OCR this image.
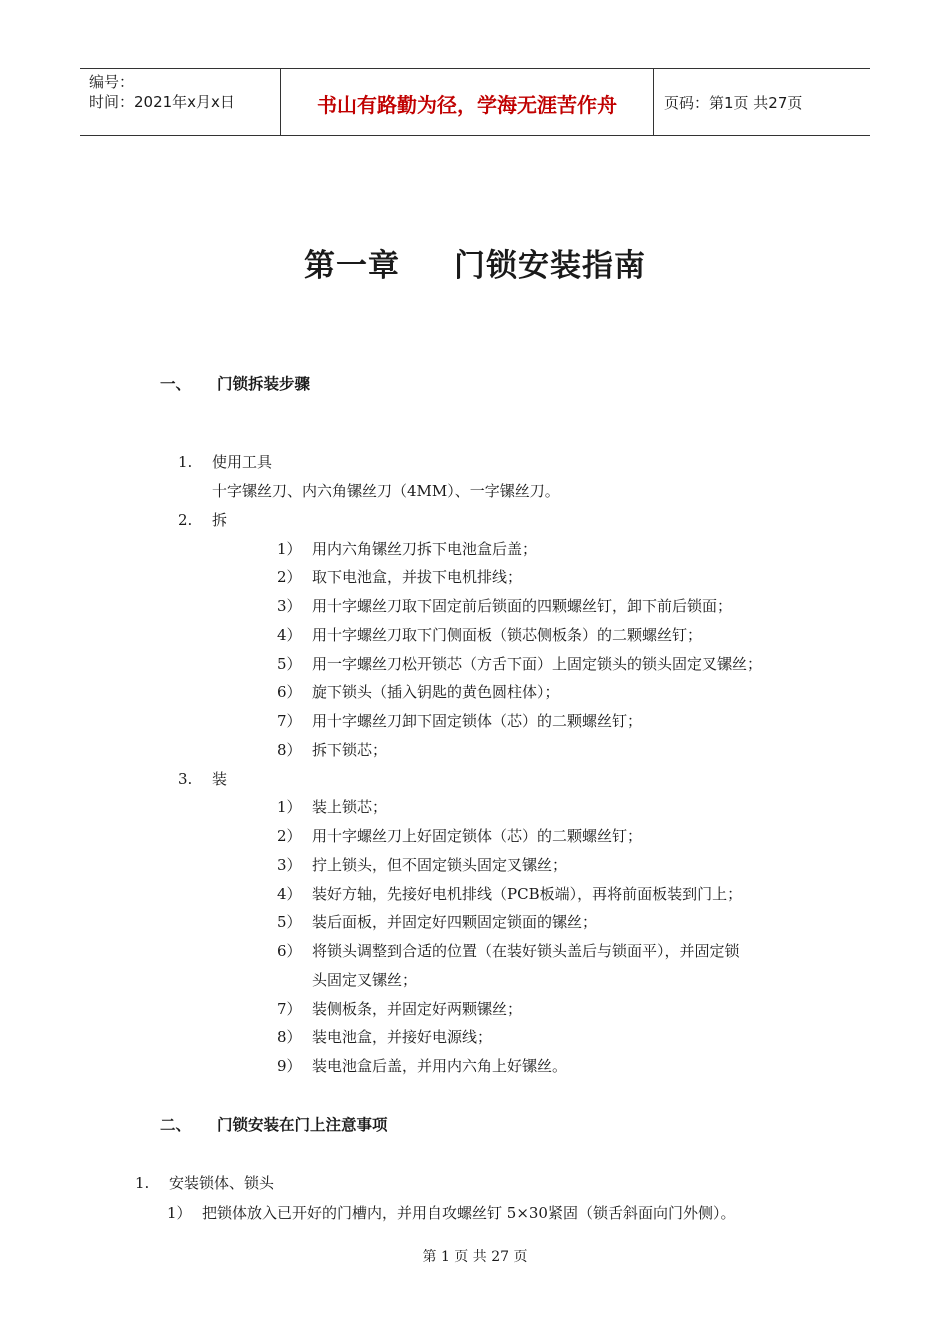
编号：
时间：2021年x月x日	书山有路勤为径，学海无涯苦作舟	页码：第1页 共27页
第一章 门锁安装指南
一、 门锁拆装步骤
1. 使用工具
十字镙丝刀、内六角镙丝刀（4MM）、一字镙丝刀。
2. 拆
1） 用内六角镙丝刀拆下电池盒后盖；
2） 取下电池盒，并拔下电机排线；
3） 用十字螺丝刀取下固定前后锁面的四颗螺丝钉，卸下前后锁面；
4） 用十字螺丝刀取下门侧面板（锁芯侧板条）的二颗螺丝钉；
5） 用一字螺丝刀松开锁芯（方舌下面）上固定锁头的锁头固定叉镙丝；
6） 旋下锁头（插入钥匙的黄色圆柱体）；
7） 用十字螺丝刀卸下固定锁体（芯）的二颗螺丝钉；
8） 拆下锁芯；
3. 装
1） 装上锁芯；
2） 用十字螺丝刀上好固定锁体（芯）的二颗螺丝钉；
3） 拧上锁头，但不固定锁头固定叉镙丝；
4） 装好方轴，先接好电机排线（PCB板端），再将前面板装到门上；
5） 装后面板，并固定好四颗固定锁面的镙丝；
6） 将锁头调整到合适的位置（在装好锁头盖后与锁面平），并固定锁
头固定叉镙丝；
7） 装侧板条，并固定好两颗镙丝；
8） 装电池盒，并接好电源线；
9） 装电池盒后盖，并用内六角上好镙丝。
二、 门锁安装在门上注意事项
1. 安装锁体、锁头
1） 把锁体放入已开好的门槽内，并用自攻螺丝钉 5×30紧固（锁舌斜面向门外侧）。
第 1 页 共 27 页
